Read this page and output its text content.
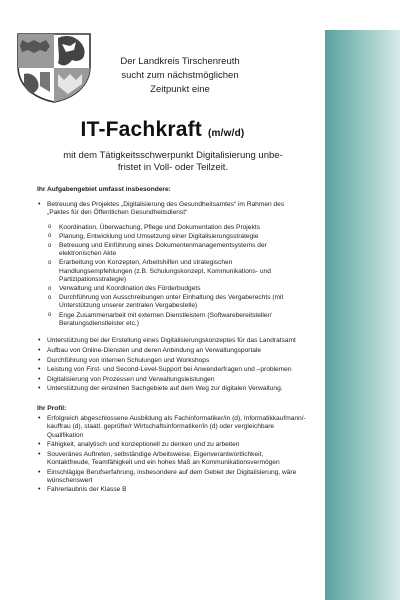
Der Landkreis Tirschenreuth
sucht zum nächstmöglichen
Zeitpunkt eine
IT-Fachkraft (m/w/d)
mit dem Tätigkeitsschwerpunkt Digitalisierung unbe-
fristet in Voll- oder Teilzeit.
Ihr Aufgabengebiet umfasst insbesondere:
• Betreuung des Projektes „Digitalisierung des Gesundheitsamtes“ im Rahmen des „Paktes für den Öffentlichen Gesundheitsdienst“
o Koordination, Überwachung, Pflege und Dokumentation des Projekts
o Planung, Entwicklung und Umsetzung einer Digitalisierungsstrategie
o Betreuung und Einführung eines Dokumentenmanagementsystems der elektronischen Akte
o Erarbeitung von Konzepten, Arbeitshilfen und strategischen Handlungsempfehlungen (z.B. Schulungskonzept, Kommunikations- und Partizipationsstrategie)
o Verwaltung und Koordination des Förderbudgets
o Durchführung von Ausschreibungen unter Einhaltung des Vergaberechts (mit Unterstützung unserer zentralen Vergabestelle)
o Enge Zusammenarbeit mit externen Dienstleistern (Softwarebereitsteller/ Beratungsdienstleister etc.)
• Unterstützung bei der Erstellung eines Digitalisierungskonzeptes für das Landratsamt
• Aufbau von Online-Diensten und deren Anbindung an Verwaltungsportale
• Durchführung von internen Schulungen und Workshops
• Leistung von First- und Second-Level-Support bei Anwenderfragen und –problemen
• Digitalisierung von Prozessen und Verwaltungsleistungen
• Unterstützung der einzelnen Sachgebiete auf dem Weg zur digitalen Verwaltung.
Ihr Profil:
• Erfolgreich abgeschlossene Ausbildung als Fachinformatiker/in (d), Informatikkaufmann/-kauffrau (d), staatl. geprüfte/r Wirtschaftsinformatiker/in (d) oder vergleichbare Qualifikation
• Fähigkeit, analytisch und konzeptionell zu denken und zu arbeiten
• Souveränes Auftreten, selbständige Arbeitsweise, Eigenverantwortlichkeit, Kontaktfreude, Teamfähigkeit und ein hohes Maß an Kommunikationsvermögen
• Einschlägige Berufserfahrung, insbesondere auf dem Gebiet der Digitalisierung, wäre wünschenswert
• Fahrerlaubnis der Klasse B
